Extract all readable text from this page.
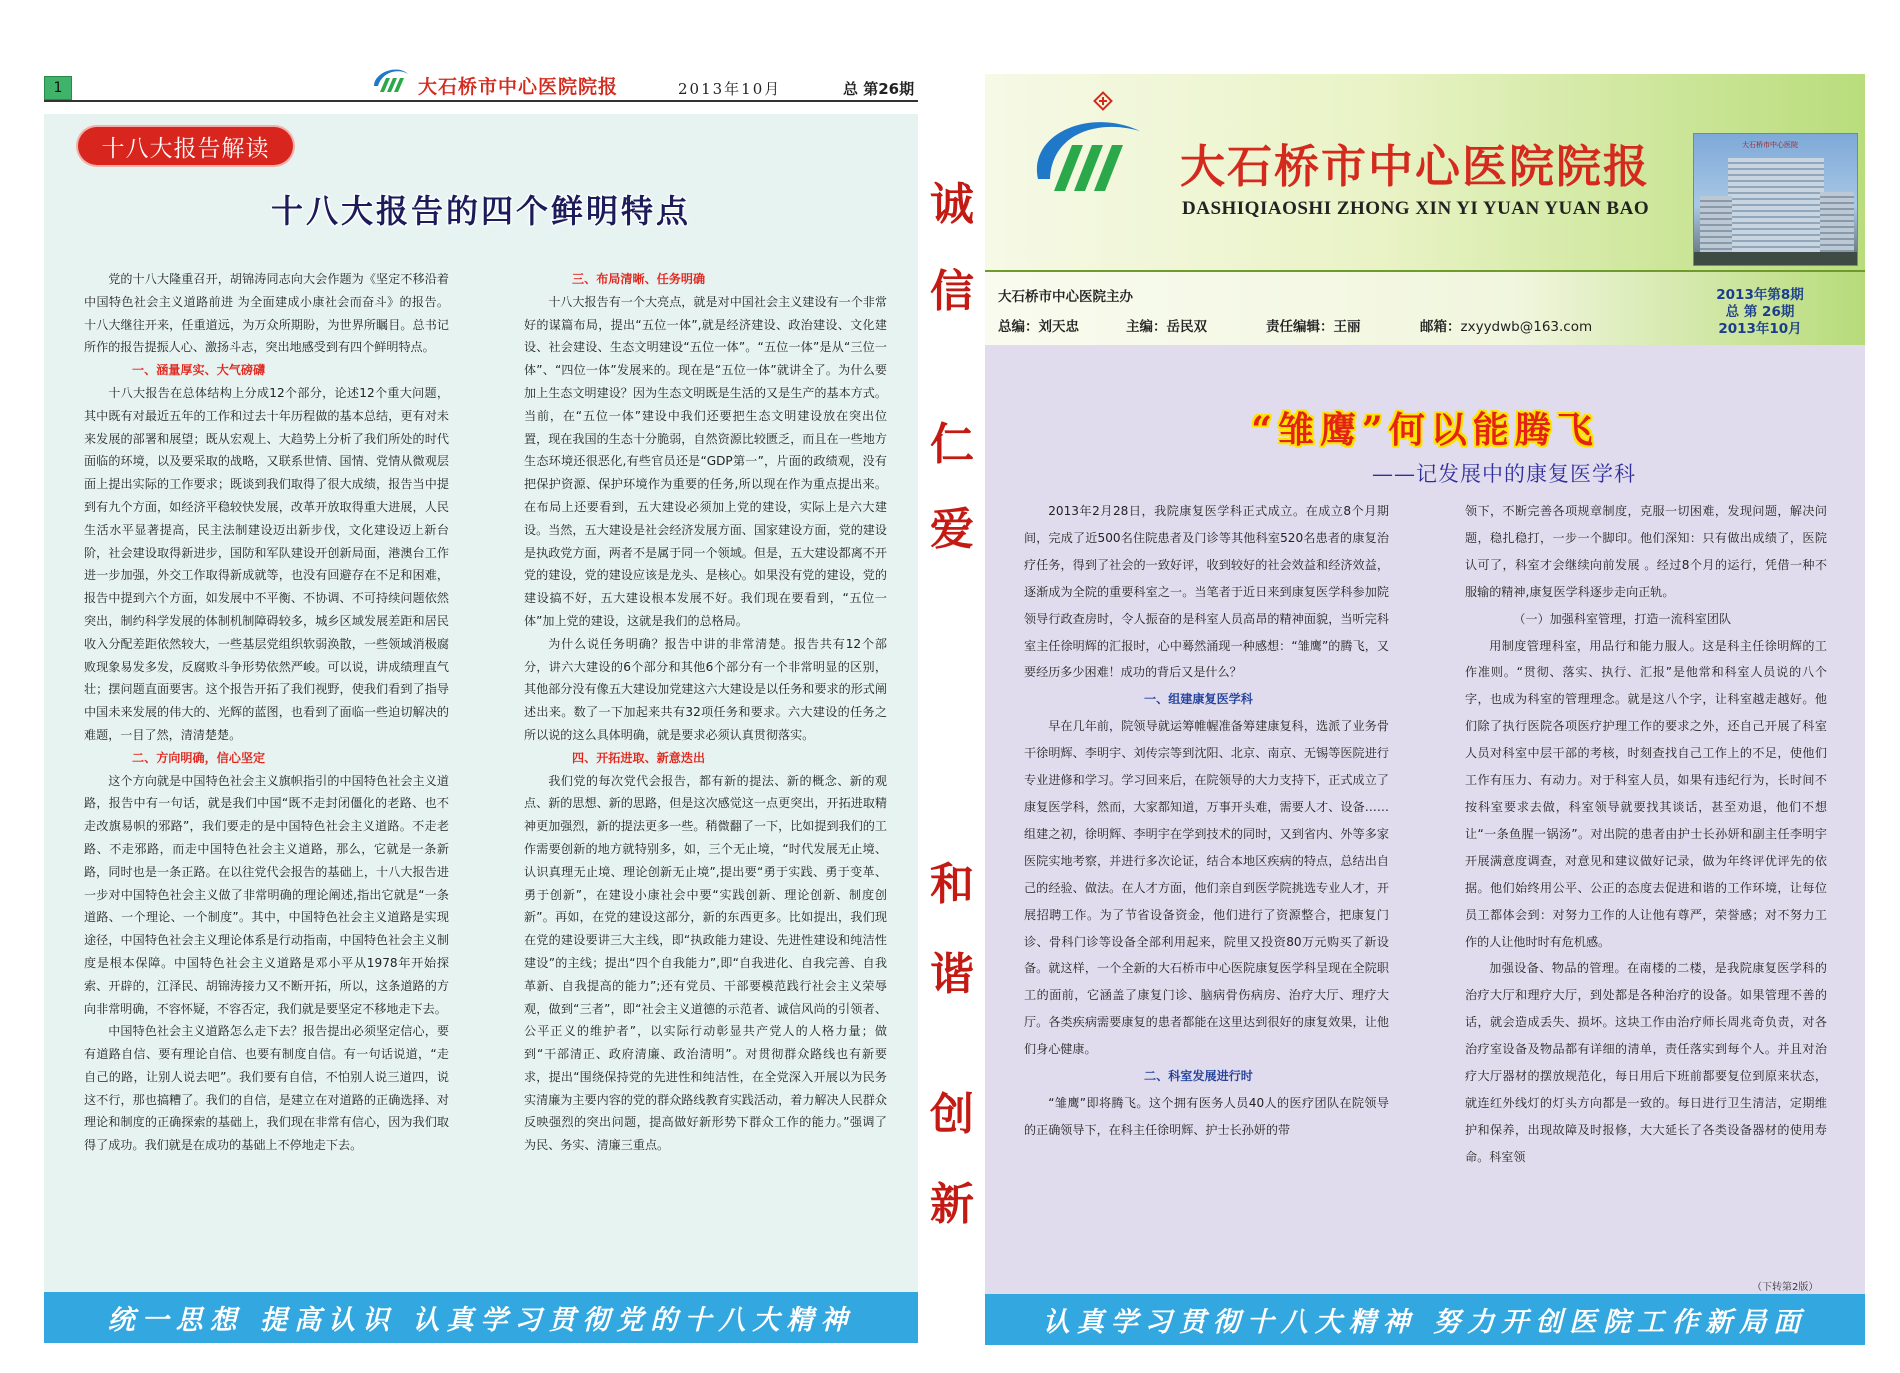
1	大石桥市中心医院院报	2013年10月	总 第26期
十八大报告解读
十八大报告的四个鲜明特点

党的十八大隆重召开，胡锦涛同志向大会作题为《坚定不移沿着中国特色社会主义道路前进 为全面建成小康社会而奋斗》的报告。十八大继往开来，任重道远，为万众所期盼，为世界所瞩目。总书记所作的报告提振人心、激扬斗志，突出地感受到有四个鲜明特点。

一、涵量厚实、大气磅礴

十八大报告在总体结构上分成12个部分，论述12个重大问题，其中既有对最近五年的工作和过去十年历程做的基本总结，更有对未来发展的部署和展望；既从宏观上、大趋势上分析了我们所处的时代面临的环境，以及要采取的战略，又联系世情、国情、党情从微观层面上提出实际的工作要求；既谈到我们取得了很大成绩，报告当中提到有九个方面，如经济平稳较快发展，改革开放取得重大进展，人民生活水平显著提高，民主法制建设迈出新步伐，文化建设迈上新台阶，社会建设取得新进步，国防和军队建设开创新局面，港澳台工作进一步加强，外交工作取得新成就等，也没有回避存在不足和困难，报告中提到六个方面，如发展中不平衡、不协调、不可持续问题依然突出，制约科学发展的体制机制障碍较多，城乡区域发展差距和居民收入分配差距依然较大，一些基层党组织软弱涣散，一些领域消极腐败现象易发多发，反腐败斗争形势依然严峻。可以说，讲成绩理直气壮；摆问题直面要害。这个报告开拓了我们视野，使我们看到了指导中国未来发展的伟大的、光辉的蓝图，也看到了面临一些迫切解决的难题，一目了然，清清楚楚。

二、方向明确，信心坚定

这个方向就是中国特色社会主义旗帜指引的中国特色社会主义道路，报告中有一句话，就是我们中国“既不走封闭僵化的老路、也不走改旗易帜的邪路”，我们要走的是中国特色社会主义道路。不走老路、不走邪路，而走中国特色社会主义道路，那么，它就是一条新路，同时也是一条正路。在以往党代会报告的基础上，十八大报告进一步对中国特色社会主义做了非常明确的理论阐述,指出它就是“一条道路、一个理论、一个制度”。其中，中国特色社会主义道路是实现途径，中国特色社会主义理论体系是行动指南，中国特色社会主义制度是根本保障。中国特色社会主义道路是邓小平从1978年开始探索、开辟的，江泽民、胡锦涛接力又不断开拓，所以，这条道路的方向非常明确，不容怀疑，不容否定，我们就是要坚定不移地走下去。

中国特色社会主义道路怎么走下去？报告提出必须坚定信心，要有道路自信、要有理论自信、也要有制度自信。有一句话说道，“走自己的路，让别人说去吧”。我们要有自信，不怕别人说三道四，说这不行，那也搞糟了。我们的自信，是建立在对道路的正确选择、对理论和制度的正确探索的基础上，我们现在非常有信心，因为我们取得了成功。我们就是在成功的基础上不停地走下去。

三、布局清晰、任务明确

十八大报告有一个大亮点，就是对中国社会主义建设有一个非常好的谋篇布局，提出“五位一体”,就是经济建设、政治建设、文化建设、社会建设、生态文明建设“五位一体”。“五位一体”是从“三位一体”、“四位一体”发展来的。现在是“五位一体”就讲全了。为什么要加上生态文明建设？因为生态文明既是生活的又是生产的基本方式。当前，在“五位一体”建设中我们还要把生态文明建设放在突出位置，现在我国的生态十分脆弱，自然资源比较匮乏，而且在一些地方生态环境还很恶化,有些官员还是“GDP第一”，片面的政绩观，没有把保护资源、保护环境作为重要的任务,所以现在作为重点提出来。在布局上还要看到，五大建设必须加上党的建设，实际上是六大建设。当然，五大建设是社会经济发展方面、国家建设方面，党的建设是执政党方面，两者不是属于同一个领域。但是，五大建设都离不开党的建设，党的建设应该是龙头、是核心。如果没有党的建设，党的建设搞不好，五大建设根本发展不好。我们现在要看到，“五位一体”加上党的建设，这就是我们的总格局。

为什么说任务明确？报告中讲的非常清楚。报告共有12个部分，讲六大建设的6个部分和其他6个部分有一个非常明显的区别，其他部分没有像五大建设加党建这六大建设是以任务和要求的形式阐述出来。数了一下加起来共有32项任务和要求。六大建设的任务之所以说的这么具体明确，就是要求必须认真贯彻落实。

四、开拓进取、新意迭出

我们党的每次党代会报告，都有新的提法、新的概念、新的观点、新的思想、新的思路，但是这次感觉这一点更突出，开拓进取精神更加强烈，新的提法更多一些。稍微翻了一下，比如提到我们的工作需要创新的地方就特别多，如，三个无止境，“时代发展无止境、认识真理无止境、理论创新无止境”,提出要“勇于实践、勇于变革、勇于创新”，在建设小康社会中要“实践创新、理论创新、制度创新”。再如，在党的建设这部分，新的东西更多。比如提出，我们现在党的建设要讲三大主线，即“执政能力建设、先进性建设和纯洁性建设”的主线；提出“四个自我能力”,即“自我进化、自我完善、自我革新、自我提高的能力”;还有党员、干部要模范践行社会主义荣辱观，做到“三者”，即“社会主义道德的示范者、诚信风尚的引领者、公平正义的维护者”，以实际行动彰显共产党人的人格力量；做到“干部清正、政府清廉、政治清明”。对贯彻群众路线也有新要求，提出“围绕保持党的先进性和纯洁性，在全党深入开展以为民务实清廉为主要内容的党的群众路线教育实践活动，着力解决人民群众反映强烈的突出问题，提高做好新形势下群众工作的能力。”强调了为民、务实、清廉三重点。

统一思想 提高认识 认真学习贯彻党的十八大精神
诚
信
仁
爱
和
谐
创
新
大石桥市中心医院院报
DASHIQIAOSHI ZHONG XIN YI YUAN YUAN BAO
大石桥市中心医院
大石桥市中心医院主办
总编：刘天忠	主编：岳民双	责任编辑：王丽	邮箱：zxyydwb@163.com
2013年第8期
总 第 26期
2013年10月
“雏鹰”何以能腾飞
——记发展中的康复医学科

2013年2月28日，我院康复医学科正式成立。在成立8个月期间，完成了近500名住院患者及门诊等其他科室520名患者的康复治疗任务，得到了社会的一致好评，收到较好的社会效益和经济效益，逐渐成为全院的重要科室之一。当笔者于近日来到康复医学科参加院领导行政查房时，令人振奋的是科室人员高昂的精神面貌，当听完科室主任徐明辉的汇报时，心中蓦然涌现一种感想：“雏鹰”的腾飞，又要经历多少困难！成功的背后又是什么？

一、组建康复医学科

早在几年前，院领导就运筹帷幄准备筹建康复科，选派了业务骨干徐明辉、李明宇、刘传宗等到沈阳、北京、南京、无锡等医院进行专业进修和学习。学习回来后，在院领导的大力支持下，正式成立了康复医学科，然而，大家都知道，万事开头难，需要人才、设备……组建之初，徐明辉、李明宇在学到技术的同时，又到省内、外等多家医院实地考察，并进行多次论证，结合本地区疾病的特点，总结出自己的经验、做法。在人才方面，他们亲自到医学院挑选专业人才，开展招聘工作。为了节省设备资金，他们进行了资源整合，把康复门诊、骨科门诊等设备全部利用起来，院里又投资80万元购买了新设备。就这样，一个全新的大石桥市中心医院康复医学科呈现在全院职工的面前，它涵盖了康复门诊、脑病骨伤病房、治疗大厅、理疗大厅。各类疾病需要康复的患者都能在这里达到很好的康复效果，让他们身心健康。

二、科室发展进行时

“雏鹰”即将腾飞。这个拥有医务人员40人的医疗团队在院领导的正确领导下，在科主任徐明辉、护士长孙妍的带

领下，不断完善各项规章制度，克服一切困难，发现问题，解决问题，稳扎稳打，一步一个脚印。他们深知：只有做出成绩了，医院认可了，科室才会继续向前发展 。经过8个月的运行，凭借一种不服输的精神,康复医学科逐步走向正轨。

（一）加强科室管理，打造一流科室团队

用制度管理科室，用品行和能力服人。这是科主任徐明辉的工作准则。“贯彻、落实、执行、汇报”是他常和科室人员说的八个字，也成为科室的管理理念。就是这八个字，让科室越走越好。他们除了执行医院各项医疗护理工作的要求之外，还自己开展了科室人员对科室中层干部的考核，时刻查找自己工作上的不足，使他们工作有压力、有动力。对于科室人员，如果有违纪行为，长时间不按科室要求去做，科室领导就要找其谈话，甚至劝退，他们不想让“一条鱼腥一锅汤”。对出院的患者由护士长孙妍和副主任李明宇开展满意度调查，对意见和建议做好记录，做为年终评优评先的依据。他们始终用公平、公正的态度去促进和谐的工作环境，让每位员工都体会到：对努力工作的人让他有尊严，荣誉感；对不努力工作的人让他时时有危机感。

加强设备、物品的管理。在南楼的二楼，是我院康复医学科的治疗大厅和理疗大厅，到处都是各种治疗的设备。如果管理不善的话，就会造成丢失、损坏。这块工作由治疗师长周兆奇负责，对各治疗室设备及物品都有详细的清单，责任落实到每个人。并且对治疗大厅器材的摆放规范化，每日用后下班前都要复位到原来状态，就连红外线灯的灯头方向都是一致的。每日进行卫生清洁，定期维护和保养，出现故障及时报修，大大延长了各类设备器材的使用寿命。科室领

（下转第2版）
认真学习贯彻十八大精神 努力开创医院工作新局面
